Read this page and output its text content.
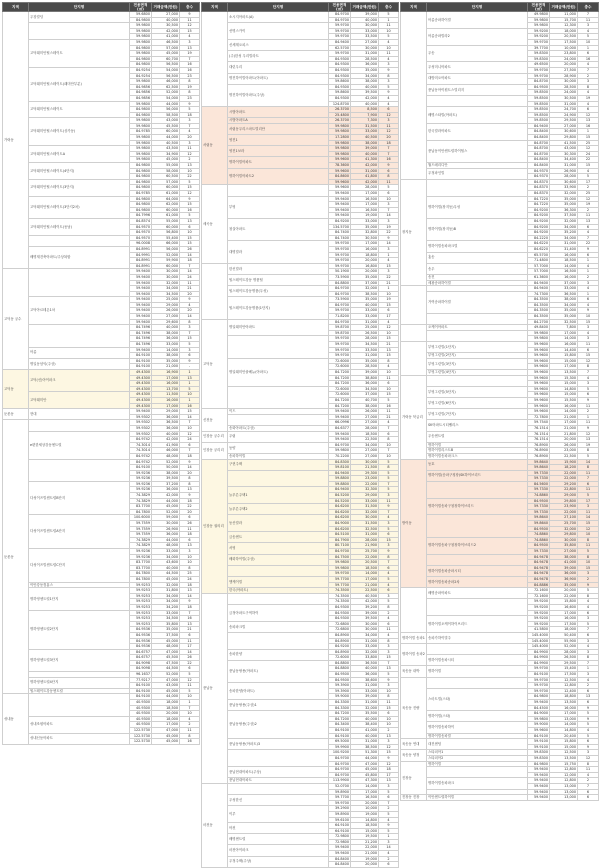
지역	단지명	전용면적(㎡)	거래금액(만원)	층수
가락동	우창빌딩	59.6800	27,000	9
		84.9800	40,000	11
		59.9800	30,500	12
		59.9800	42,000	15
		59.9800	41,000	4
	고덕래미안힐스테이트	59.9800	46,500	3
		84.9800	57,000	13
		59.9800	45,000	19
		84.9800	60,700	7
		84.9800	56,500	16
	고덕래미안힐스테이트(래미안부분)	84.9254	54,000	16
		84.9254	56,500	23
		59.9800	46,000	8
		84.9856	62,500	19
		84.9856	52,000	8
		84.9856	54,000	23
	고덕래미안힐스테이트	59.9800	44,000	9
		84.9800	56,000	5
		84.9800	58,500	18
	고덕래미안힐스테이트(상가동)	59.9800	43,000	3
		59.9800	45,500	7
		84.9785	60,000	4
		59.9800	44,000	20
		59.9800	40,500	3
	고덕래미안힐스테이트A	59.9800	43,500	11
		59.9800	34,900	12
		59.9800	45,000	2
	고덕래미안힐스테이트(4단지)	84.9800	55,000	13
		84.9800	58,000	10
		84.9800	60,500	22
	고덕래미안힐스테이트(3단지)	84.9800	57,000	5
		84.9800	60,000	15
		84.9785	61,000	12
	고덕래미안힐스테이트(3단지2차)	84.9800	64,000	9
		84.9800	62,000	15
		84.9800	60,000	16
		84.7996	61,000	5
	고덕래미안힐스테이트(동남)	84.8574	55,000	13
		84.9570	60,000	6
		84.9570	56,800	10
		84.9570	55,400	15
		96.0008	66,000	15
	배명재건축아파트/주상복합	84.8991	56,000	26
		84.9991	52,000	14
		84.8991	59,900	18
		84.8991	60,000	7
고덕동 궁수		59.9400	30,000	14
		59.9400	30,000	24
		59.9400	32,000	11
		59.9400	34,000	21
		59.9400	34,500	20
	고덕아르테온1차	59.9400	25,000	9
		59.9400	29,000	4
		59.9400	26,000	20
		59.9400	27,000	14
		59.9400	29,600	8
		84.7496	40,000	3
		84.7496	38,000	7
		84.7496	36,000	15
		84.7496	33,000	5
	아름	59.9400	14,000	3
		84.9100	38,000	6
	명일동삼익(주상)	84.9100	35,000	9
		84.9100	21,000	-
고덕동	고덕(신)아이파크	49.4300	16,900	1
		49.4300	17,000	13
		49.4300	16,000	1
		49.4300	13,700	5
	고덕래미안	49.4300	11,500	10
		49.4300	16,000	1
		49.4300	17,000	16
둔촌동	현대	59.9400	29,000	15
		59.9302	36,000	14
둔촌동		59.9302	36,500	7
		59.9302	36,000	10
	e편한세상강동센트럴	59.9302	40,000	12
		84.9742	42,000	24
		74.3014	41,900	6
		74.3014	46,000	7
		84.9742	48,000	18
		84.9742	52,000	9
		84.9100	50,000	14
		59.9236	38,000	20
		59.9236	39,500	8
	다성이즈빌센트럴B단지	59.9236	37,200	8
		59.9236	36,000	13
		74.3829	42,000	9
		74.3829	44,000	18
		83.7700	45,000	22
		84.7800	52,000	20
	다성이즈빌센트럴A단지	100.6000	59,000	6
		59.7559	30,000	26
		59.7559	26,900	11
		59.7559	36,000	18
		74.3829	44,000	6
		74.3829	48,000	13
	다성이즈빌센트럴C단지	59.9236	33,000	3
		59.9236	34,000	10
		83.7700	43,600	10
		83.7700	40,000	8
		84.7800	44,500	25
		84.7800	45,000	24
	이안강동컴홈스	59.9253	32,000	18
	명하영센트럴1단지	59.9253	31,800	13
		59.9253	34,000	14
		59.9253	34,000	9
		59.9253	34,200	18
	명하영센트럴2단지	59.9253	33,000	7
		59.9253	34,500	16
		59.9253	35,800	13
		84.9536	35,000	21
		84.9536	37,500	6
		84.9536	45,000	11
		84.9536	48,000	17
	명하영센트럴3단지	84.6757	47,000	14
		84.6757	45,500	26
		84.9098	47,500	22
		84.9098	44,500	6
		96.1637	52,000	5
	명하영센트럴4단지	77.9217	47,000	12
		84.9100	43,000	11
	힐스테이트강동센트럴	84.9100	45,000	5
성내동		84.9100	44,000	10
		40.9300	18,000	1
		40.9300	18,500	7
		40.9300	20,000	10
	성내조원아파트	40.9300	18,000	4
		40.9300	17,000	2
		122.5730	47,000	11
	성내신동아파트	122.5730	45,000	8
		122.5730	45,000	16
지역	단지명	전용면적(㎡)	거래금액(만원)	층수
	소시지아파트(A)	84.9700	39,000	5
		84.9700	40,000	1
	선명스카이	59.9700	30,000	11
		59.9700	33,000	10
		59.9700	33,500	5
	신세계오피스	84.9400	27,000	4
		62.5700	30,000	10
	(주)한성 우리빌라트	59.9700	31,000	11
		84.9300	28,500	4
	대린우리	84.9300	36,000	3
		84.9300	35,000	9
	명진하이빌아파트(아파트)	84.9300	34,000	8
		59.8600	38,000	3
	명진하이빌아파트(주상)	84.9300	40,000	5
		59.8600	39,500	9
		84.9300	42,000	4
		124.8700	40,000	4
서림동	시범아파트	26.3700	8,500	6
		25.4800	7,900	12
	시범아파트A	26.3700	7,300	3
	서림동우리스마트빌리안	59.9800	31,500	11
		59.9800	33,000	12
	영진1	17.2800	40,500	20
		59.9800	38,000	18
	영진1보라	59.9800	39,000	7
		59.9800	40,000	7
	명하이빌아파트	59.9600	41,300	16
		78.3600	42,000	9
	명하이빌아파트2	59.9600	31,000	6
		84.8600	41,800	8
		59.9600	42,000	11
세곡동		59.9600	28,000	5
		59.9400	17,000	6
	부영	59.9400	16,500	10
		59.9400	17,000	3
		59.9400	16,500	7
		59.9400	19,000	14
	청실아파트	84.9200	33,000	3
		134.5700	35,000	19
		84.7400	32,800	22
		84.7400	30,500	9
	대명빌라	59.9700	17,000	14
		59.9700	16,000	3
		59.9700	18,800	1
		59.9700	20,000	4
	한신빌라	59.9700	16,800	15
		50.1900	20,000	3
	힐스테이트강동 명품힐	73.5900	35,000	22
		84.8800	37,000	21
	힐스테이트강동명품(우성)	84.9700	32,000	1
		84.9700	38,500	10
	힐스테이트강동명품(1단지)	73.5900	35,000	19
		84.9700	40,000	15
		59.9700	33,000	6
		71.8200	33,000	17
고덕동	명일래미안아파트	84.9700	31,000	4
		59.8700	25,000	12
		59.8700	26,500	10
		59.9700	28,000	15
		59.9700	34,500	21
		59.9700	33,500	13
		59.9700	31,000	15
	명일래미안솔베뉴(아파트)	72.6000	35,000	8
		72.6000	28,500	4
		84.7200	39,000	10
		84.7200	38,800	11
		84.7200	36,000	6
		72.6000	34,500	10
		72.6000	37,000	15
		84.7200	40,700	5
		84.7200	38,000	16
신천동	이드	59.9400	26,000	11
		59.9400	27,000	21
		66.0996	27,000	4
	송화아파트(주상)	84.6377	28,000	7
인창동 궁수리	우림	59.9400	18,500	6
		59.9400	22,500	8
인창동 궁리리	동양	84.9700	34,000	10
		59.9800	27,000	7
	송파하이빌	70.2200	27,000	10
인창동 권의리	구현주택	84.8300	30,000	5
		59.8100	21,500	8
		84.9400	29,300	5
		59.8800	23,000	5
		59.8800	22,000	7
	늘푸른주택1	84.9400	32,300	5
		84.5200	29,000	3
		84.5200	33,000	11
	늘푸른주택2	84.6200	31,500	9
		84.6200	32,000	7
	동산빌라	84.6200	30,000	4
		84.9000	31,500	3
		84.6200	32,500	5
	금송센트	84.5100	31,000	6
		84.7900	28,000	15
	서영	80.7100	21,900	3
		84.9700	25,700	9
	배화하이빌(주상)	84.7500	22,000	8
		59.9800	20,500	7
		59.9800	18,500	6
		59.9700	14,000	4
	엔케이빌	59.7700	17,000	5
		59.7700	21,000	4
	한국(아파트)	74.3500	22,500	6
풍납동		74.3500	40,500	3
		74.3500	42,000	5
	금정아파트구역하이	84.9300	39,200	8
		84.9300	39,000	2
		84.9300	39,500	4
	송파파크빌	72.6800	30,000	6
		72.6800	30,000	11
		84.8900	34,000	4
		84.8900	31,000	8
		84.9200	33,000	3
	송파한양	84.8900	32,000	3
		72.6000	33,800	15
	풍납동쌍용(아파트)	84.8800	36,500	7
		84.8800	40,000	13
		84.9500	36,000	5
		84.9500	38,600	9
	송파한양(아파트)	59.3900	31,000	3
		59.3900	33,000	10
		59.9000	39,000	8
	풍납동쌍용(주상)1	84.3300	31,000	11
		84.3300	32,000	15
	풍납동쌍용(주상)2	84.7200	35,500	6
		84.7200	40,000	10
		84.3400	38,400	10
		84.9100	41,000	2
		84.9100	40,000	13
	풍납동쌍용(아파트)3	69.5000	31,000	3
		59.9900	38,500	12
		100.9200	51,300	15
		84.9700	44,000	9
		84.9700	47,000	12
	풍납현대아파트(주상)	84.9700	45,000	18
		84.9700	45,800	17
	풍납현대아파트	113.9900	47,300	13
마천동		52.0700	14,000	3
		59.8900	17,000	5
	우성한신	59.7700	16,500	6
		59.9700	20,000	7
	이루	39.2900	10,000	2
		59.8900	19,000	5
		59.6100	14,800	4
	아천	64.9100	18,500	9
		64.9100	15,000	5
	배명센트럴	72.9800	19,500	1
		72.9800	21,200	3
	마천아이파크	59.9400	22,000	14
		59.9400	21,000	4
	우정주택(주상)	84.8400	19,000	2
		84.8400	20,000	6
지역	단지명	전용면적(㎡)	거래금액(만원)	층수
	아름송파하이빌	49.9800	11,000	7
		59.9800	15,700	11
		59.9800	12,300	3
	아름송파빌라2	59.9200	18,000	4
		59.9200	20,500	5
		59.9700	17,500	10
	우송	39.7700	10,000	1
		59.8300	23,800	6
		59.8300	24,000	16
	우성미니아파트	49.6500	20,000	4
		59.9700	27,500	7
	대방미오아파트	59.9700	28,900	2
		84.8700	30,000	3
	풍납동아이원트스빌리지	84.9500	28,500	8
		59.8500	24,000	4
		59.8500	30,500	19
		59.8500	31,000	4
	배명스타빌(아파트)	59.8500	24,700	6
		59.8500	24,900	12
		59.8500	29,500	13
	한국빌라아파트	84.9400	27,000	16
		84.8400	30,600	1
		84.8400	29,800	15
	풍납동이안센트럴하이힐스	84.8700	41,500	25
		84.8700	43,000	12
		84.8700	30,300	24
		84.8400	34,400	22
	월드메리디안	84.8400	31,000	15
	우정파인빌	84.9370	26,900	4
		84.9370	28,000	5
장지동		84.8370	30,600	17
		84.8370	33,900	2
		84.8370	32,000	25
	명하이빌(장지동)우성	84.7220	35,000	12
		84.7220	35,000	19
		84.9200	36,300	2
		84.9200	37,500	11
	명하이빌(장지동)B	84.9200	32,000	13
		84.9200	34,000	6
		84.9200	35,200	4
		84.2220	34,000	7
	명하이빌송파파크빌	84.6220	31,000	22
		84.6220	31,400	9
	홍송	65.5700	16,000	6
		71.4800	18,500	1
	송우	57.7000	14,000	4
		57.7000	16,500	1
	송진	61.3600	16,000	2
	세광송파하이빌	84.9400	37,000	3
		84.9400	33,000	4
	거여송파하이빌	74.7300	36,500	1
		84.3500	38,000	6
		84.3500	34,000	4
		84.3500	35,000	9
		84.3500	35,000	10
		84.2700	32,500	15
	오케이아파트	49.8400	7,800	3
		59.9800	17,000	4
		59.9800	14,000	3
	부영그린빌(1단지)	59.9600	16,000	11
		59.9600	14,400	6
	부영그린빌(2단지)	59.9600	15,800	15
	부영그린빌(3단지)	59.9600	15,000	12
		59.9600	17,000	8
	부영그린빌(4단지)	59.9600	13,500	7
가락동 북급리		59.9600	15,300	4
		59.9600	15,000	3
	부영그린빌(5단지)	59.9600	14,800	5
		59.9600	15,000	6
	부영그린빌(6단지)	59.9600	15,500	9
		59.9600	16,000	11
	부영그린빌(7단지)	59.9600	14,000	2
		72.7800	21,000	1
	SK아파트시티팰리스	59.7540	17,000	11
		76.1514	21,000	9
	우송센트럴	76.1514	21,800	12
		76.1514	20,000	13
	명하이빌	76.8900	26,000	19
	명하이빌리스트B	76.8900	23,000	8
	명하이빌송파파크스	76.8900	22,500	5
방이동	동호	59.8640	15,900	14
		59.8640	18,200	8
	명하이빌(송파구청장)SK하이브리드	59.7330	22,000	11
		59.7330	22,000	7
		84.5600	29,200	6
		59.7330	22,800	11
		74.8860	29,000	5
	명하이빌송파구청장하이브리드	84.9500	29,800	17
		59.7330	23,900	3
		59.7330	22,000	11
		59.8640	27,100	14
		59.8640	25,700	15
		84.9500	32,000	12
		74.8860	29,800	10
	명하이빌송파구청장하이브리드2	74.8860	30,000	8
		84.9500	35,800	11
		59.7330	27,000	5
		84.9478	38,000	8
		84.9478	41,000	10
	명하이빌송파송파시티	84.9478	39,000	15
		84.9478	36,000	3
	명하이빌송파송파2차	84.9478	36,900	2
		84.8886	35,000	9
	배명송파아파트	72.1600	20,000	5
		72.1600	22,000	8
		59.9200	15,800	4
		59.9200	16,600	4
		59.9200	17,000	6
	명하이빌오케이하이브리드	59.9200	16,000	3
		59.9200	17,500	5
		41.5800	18,000	7
명하이빌 송파1	송파가하이빌주	145.4000	50,400	6
		145.4000	55,900	3
명하이빌 송파2		145.4000	52,000	4
		84.9900	28,000	3
	명하이빌송파시티	84.9900	26,500	8
		84.9900	29,500	7
육송동 내박	명하이빌	59.9700	15,400	1
		84.9100	17,500	3
육송동 진량		59.9700	12,500	4
		59.9700	12,800	2
	스마트빌(스타)	59.9700	12,400	6
		84.9800	18,800	13
		59.9400	13,500	6
		84.4500	16,000	9
	명하이빌(스타)	84.9000	17,000	5
		59.9800	13,000	9
	명하이빌송파하이	59.9000	14,000	5
		59.9600	14,800	4
	명하이빌송파빌	84.9100	20,400	5
육송동 연대	대진센텀	59.9100	15,800	6
		59.9100	15,000	9
육송동 양정	스타피아1	59.8300	12,500	3
	스타피아2	59.8300	13,500	12
진장동	명하이빌	84.9800	15,750	8
		59.9400	12,800	11
		59.9400	12,000	4
	명하이빌송파파크	59.9400	12,800	2
		59.9400	13,000	7
		59.9400	13,000	6
진장동 진장	이안센트럴하이빌	59.9400	13,000	6
